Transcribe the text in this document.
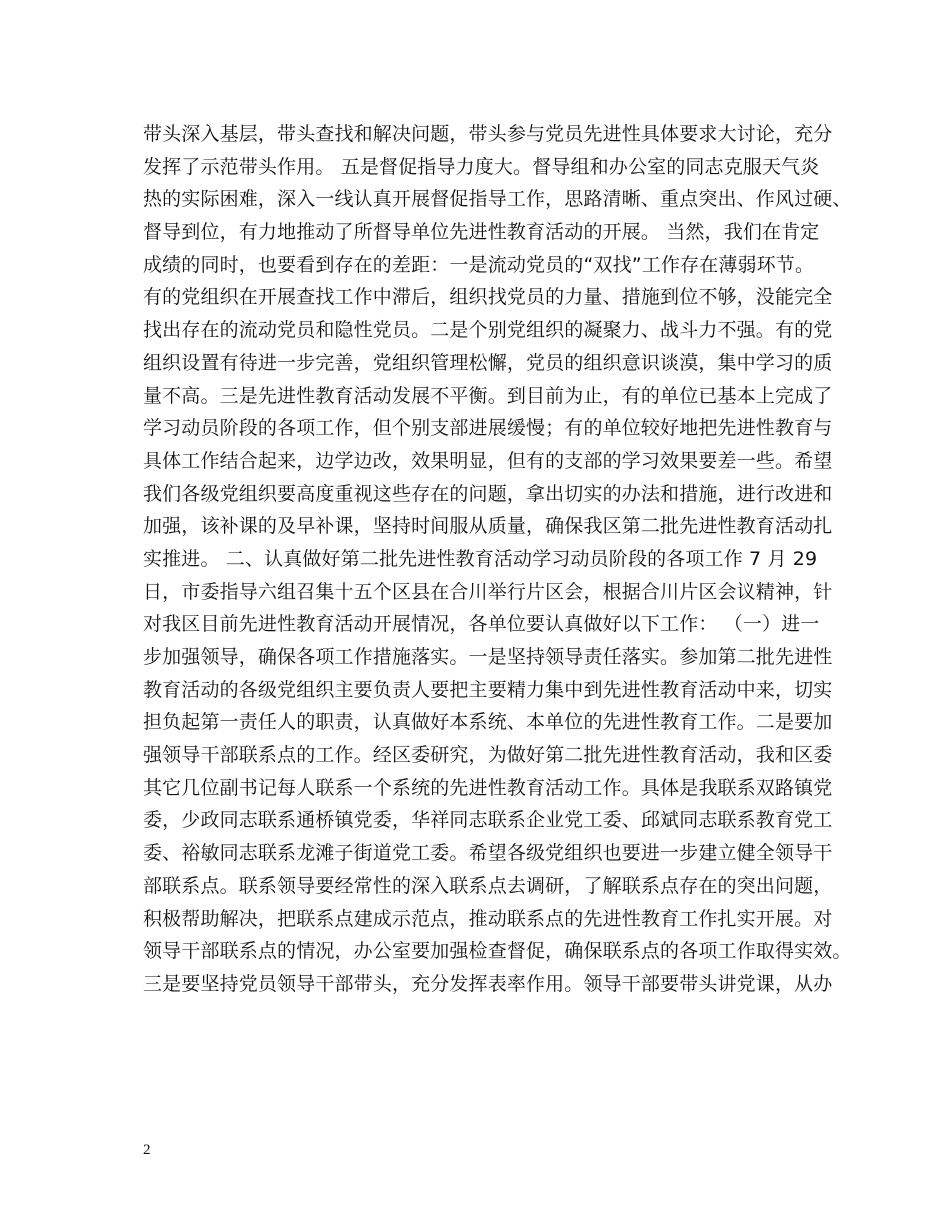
带头深入基层，带头查找和解决问题，带头参与党员先进性具体要求大讨论，充分
发挥了示范带头作用。 五是督促指导力度大。督导组和办公室的同志克服天气炎
热的实际困难，深入一线认真开展督促指导工作，思路清晰、重点突出、作风过硬、
督导到位，有力地推动了所督导单位先进性教育活动的开展。 当然，我们在肯定
成绩的同时，也要看到存在的差距：一是流动党员的“双找”工作存在薄弱环节。
有的党组织在开展查找工作中滞后，组织找党员的力量、措施到位不够，没能完全
找出存在的流动党员和隐性党员。二是个别党组织的凝聚力、战斗力不强。有的党
组织设置有待进一步完善，党组织管理松懈，党员的组织意识谈漠，集中学习的质
量不高。三是先进性教育活动发展不平衡。到目前为止，有的单位已基本上完成了
学习动员阶段的各项工作，但个别支部进展缓慢；有的单位较好地把先进性教育与
具体工作结合起来，边学边改，效果明显，但有的支部的学习效果要差一些。希望
我们各级党组织要高度重视这些存在的问题，拿出切实的办法和措施，进行改进和
加强，该补课的及早补课，坚持时间服从质量，确保我区第二批先进性教育活动扎
实推进。 二、认真做好第二批先进性教育活动学习动员阶段的各项工作 7 月 29
日，市委指导六组召集十五个区县在合川举行片区会，根据合川片区会议精神，针
对我区目前先进性教育活动开展情况，各单位要认真做好以下工作： （一）进一
步加强领导，确保各项工作措施落实。一是坚持领导责任落实。参加第二批先进性
教育活动的各级党组织主要负责人要把主要精力集中到先进性教育活动中来，切实
担负起第一责任人的职责，认真做好本系统、本单位的先进性教育工作。二是要加
强领导干部联系点的工作。经区委研究，为做好第二批先进性教育活动，我和区委
其它几位副书记每人联系一个系统的先进性教育活动工作。具体是我联系双路镇党
委，少政同志联系通桥镇党委，华祥同志联系企业党工委、邱斌同志联系教育党工
委、裕敏同志联系龙滩子街道党工委。希望各级党组织也要进一步建立健全领导干
部联系点。联系领导要经常性的深入联系点去调研，了解联系点存在的突出问题，
积极帮助解决，把联系点建成示范点，推动联系点的先进性教育工作扎实开展。对
领导干部联系点的情况，办公室要加强检查督促，确保联系点的各项工作取得实效。
三是要坚持党员领导干部带头，充分发挥表率作用。领导干部要带头讲党课，从办
2
